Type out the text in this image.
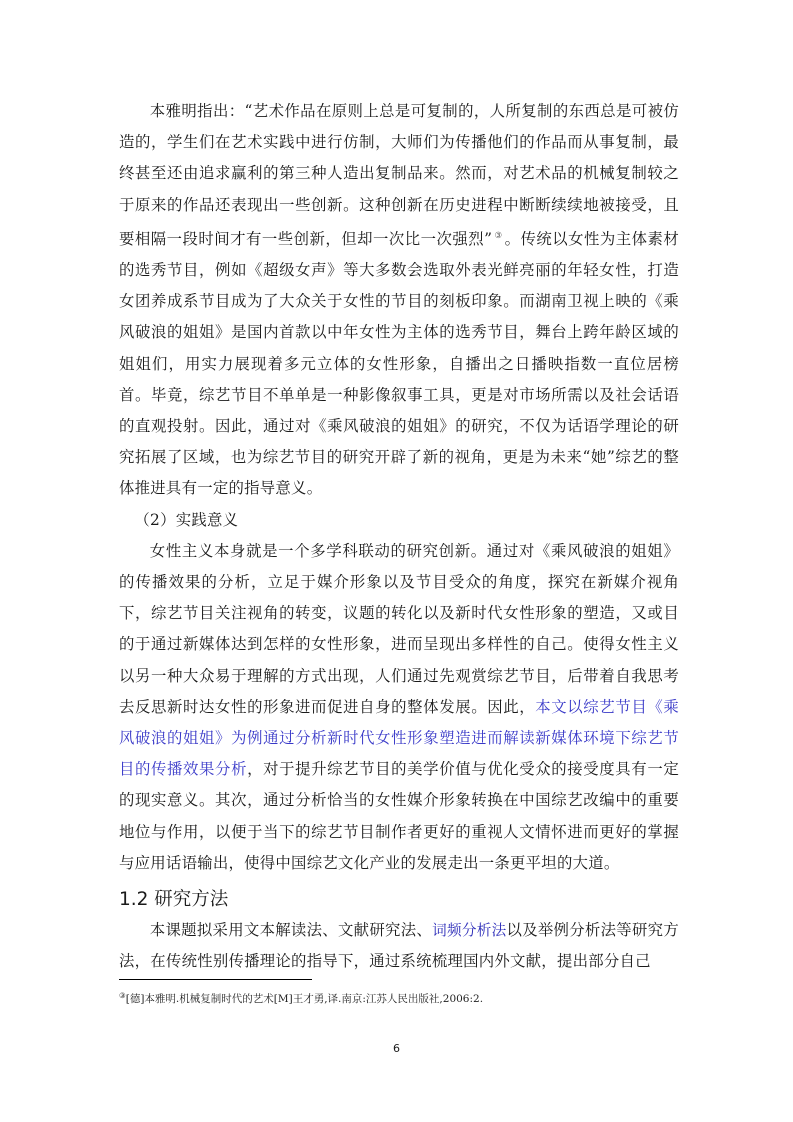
本雅明指出：“艺术作品在原则上总是可复制的，人所复制的东西总是可被仿造的，学生们在艺术实践中进行仿制，大师们为传播他们的作品而从事复制，最终甚至还由追求赢利的第三种人造出复制品来。然而，对艺术品的机械复制较之于原来的作品还表现出一些创新。这种创新在历史进程中断断续续地被接受，且要相隔一段时间才有一些创新，但却一次比一次强烈” ③ 。传统以女性为主体素材的选秀节目，例如《超级女声》等大多数会选取外表光鲜亮丽的年轻女性，打造女团养成系节目成为了大众关于女性的节目的刻板印象。而湖南卫视上映的《乘风破浪的姐姐》是国内首款以中年女性为主体的选秀节目，舞台上跨年龄区域的姐姐们，用实力展现着多元立体的女性形象，自播出之日播映指数一直位居榜首。毕竟，综艺节目不单单是一种影像叙事工具，更是对市场所需以及社会话语的直观投射。因此，通过对《乘风破浪的姐姐》的研究，不仅为话语学理论的研究拓展了区域，也为综艺节目的研究开辟了新的视角，更是为未来“她”综艺的整体推进具有一定的指导意义。

（2）实践意义

女性主义本身就是一个多学科联动的研究创新。通过对《乘风破浪的姐姐》的传播效果的分析，立足于媒介形象以及节目受众的角度，探究在新媒介视角下，综艺节目关注视角的转变，议题的转化以及新时代女性形象的塑造，又或目的于通过新媒体达到怎样的女性形象，进而呈现出多样性的自己。使得女性主义以另一种大众易于理解的方式出现，人们通过先观赏综艺节目，后带着自我思考去反思新时达女性的形象进而促进自身的整体发展。因此，本文以综艺节目《乘风破浪的姐姐》为例通过分析新时代女性形象塑造进而解读新媒体环境下综艺节目的传播效果分析，对于提升综艺节目的美学价值与优化受众的接受度具有一定的现实意义。其次，通过分析恰当的女性媒介形象转换在中国综艺改编中的重要地位与作用，以便于当下的综艺节目制作者更好的重视人文情怀进而更好的掌握与应用话语输出，使得中国综艺文化产业的发展走出一条更平坦的大道。

1.2 研究方法

本课题拟采用文本解读法、文献研究法、词频分析法以及举例分析法等研究方法，在传统性别传播理论的指导下，通过系统梳理国内外文献，提出部分自己

③[德]本雅明.机械复制时代的艺术[M]王才勇,译.南京:江苏人民出版社,2006:2.
6
